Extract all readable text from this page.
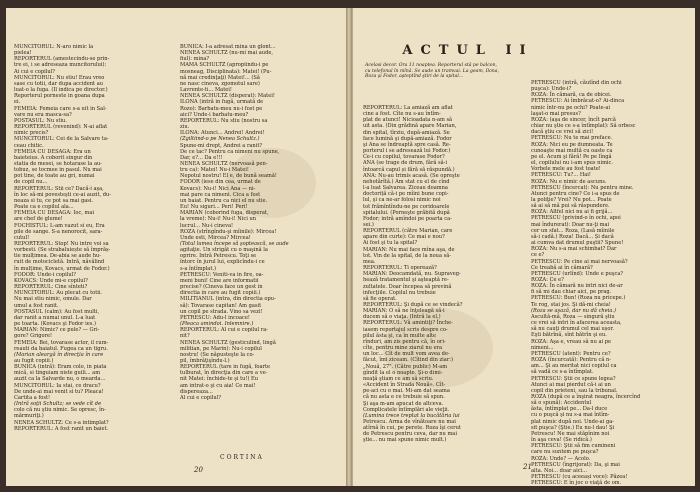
MUNCITORUL: N-aro nimic la

pielea!

REPORTERUL (amestecindu-se prin-

tre ei, i se adreseaza muncitorului):

Ai cui e copilul?

MUNCITORUL: Nu stiu! Erau vreo

sase cu totii, dar dupa accident au

luat-o la fuga. (Il indica pe director.)

Reporterul porneste in goana dupa

ei.

FEMEIA: Femeia care s-a uit in Sal-

vare nu era masca-sa?

POSTASUL: Nu stiu.

REPORTERUL (revenind): N-ai aflat

nimic precis?

MUNCITORUL: Cei de la Salvare ta-

ceau chitic.

FEMEIA CU DESAGA: Era un

baieteius. A coborit singur din

statia de mesei, se hotarase la au-

tobuz, se tocmee in pasul. Nu mai

pot tine, de toate au gri, numai

de copil nu...

REPORTERUL: Stii ce? Dacă-i aşa,

în loc să-mi povesteşti ce-ai auzit, du-

neaza si tu, ce pot sa mai gasi.

Poate ca e copilul ala...

FEMEIA CU DESAGA: Ioc, mai

are chef de glume!

FOCHISTUL: L-am vazut si eu, Era

pile de sange. S-a nenorocit, sara-

cutul!

REPORTERUL: Stop! Nu intre voi sa

vorbesti. (Se strabaluiește să împrăș-

tie mulțimea. De-abia se aude hu-

ruit de motocicletă. Intră, năvălind

în mulțime, Kovacs, urmat de Fodor.)

FODOR: Unde-i copilul?

KOVACS: Unde mi-e copilul?

REPORTERUL: Cine sînteti?

MUNCITORUL: Au plecat cu totii.

Nu mai stiu nimic, omule. Dar

umul a fost ranit.

POSTASUL (calm): Au fost multi,

dar ranit a numai unul. L-a luat

pe toarta. (Kovacs şi Fodor ies.)

MARIAN: Nimic? ce pule? — Gri-

gore? Grigore!

FEMEIA: Bei, tovarase actor, il cum-

reauti da baiatul. Fugea ca un tigru.

(Marian aleargă în direcţia în care

au fugit copiii.)

BUNICA (intră): Eram colo, in piata

mică, si tinguiam niste guili... am

auzit ca la Salvarde nu, o mearda...

MUNCITORUL: Ia stai, ce dracu?

De unde-ai mai venit si tu? Pleaca!

Cartita a fost!

(Intră soţii Schultz; se vede cît de

colo că nu ştiu nimic. Se opresc, în-

mărmuriţi.)

NENEA SCHULTZ: Ce s-a intimplat?

REPORTERUL: A fost ranit un baiet.

BUNICA: I-a adresat mina un glont...

NENEA SCHULTZ (nu-mi mai aude,

fiul): mina?

MAMA SCHULTZ (apropiindu-i pe

mosneag, Disciplinata): Matei! (Pu-

nă mai credinţaţi) Matei!... (Să

ne nasc cineva, zgomotul sare)

Lavrente-ti... Matei!

NENEA SCHULTZ (disperat): Matei!

ILONA (intră in fugă, urmată de

Rozo): Barbatu-meu nu-i fost pe

aici? Unde-i barbatu-meu?

REPORTERUL: Nu stiu (nostru sa

ziu.

ILONA: Atunci... Andrei! Andrei!

(Zgiltiind-o pe Nenea Schultz.)

Spune-mi drept, Andrei a ranit?

De ce tac? Pentru ca nimeni nu spune,

Dar, e?... Da e!!!

NENEA SCHULTZ (nervoasă pen-

tru ca): Matei! Nu-i Matei!

Nepotul nostru! El e, de bună seamă!

FODOR (iese din cea, urmat de

Kovacs): Nu-i! Nici Ana — ni-

mai pare ca nimeni. Cica a fost

un baiat. Pentru ca nici el nu stie.

Eu! Nu siguri... Peri! Peri!

MARIAN (coborind fuga, disperat,

la vreme): Nu-i! Nu-i! Nici un

lucrul... Nu-i cineva!

ROZA (strîngîndu-şi mîinile): Mircea!

Unde esti, Mircea? Mircea!

(Totul lumea începe să şoptească, se aude

agitaţie. Un strigăt cu o maşină la

oprire. Intră Petrescu. Toţi se

întorc în jurul lui, explicîndu-i ce

s-a întîmplat.)

PETRESCU: Veniti-va in fire, oa-

meni buni! Cine are informatii

precise? (Cineva face un gest in

directia in care au fugit copiii.)

MILITIANUL (intra, din directia opu-

să): Tovarase capitan! Am gasit

un copil pe strada. Vino sa vezi!

PETRESCU: Adu-l incoace!

(Pleaca amindoi. Inlemnire.)

REPORTERUL: Al cui e copilul ra-

nit?

NENEA SCHULTZ (gesticulind, lingă

militian, pe Marin): Nu-i copilul

nostru! (Se năpusteşte la co-

pil, îmbrăţişîndu-l.)

REPORTERUL (tare in fugă, foarte

tulburat, în direcţia din care a ve-

nit Matei: închide-te şi tu!) Eu

am intrat-o şi cu aia! Ce mai!

dispereaza...

Al cui e copilul?

CORTINA
20
ACTUL II

Acelasi decor. Ora 11 noaptea. Reporterul stă pe balcon,

cu telefonul în mînă. Se aude un tramvai. La geam, Ilona,

Roza şi Fodor, aşteptînd ştiri de la spital...

REPORTERUL: La amiază am aflat

cine a fost. Cîte nu s-au întîm-

plat de atunci! Nicioadata n-am să

uit asta. (Din grădină apare Marian,

din spital, tîrziu, după-amiază. Se

face lumină şi după-amiază. Fodor

şi Ana se îndreaptă spre casă. Re-

porterul i se adresează lui Fodor.)

Ce-i cu copilul, tovarase Fodor?

ANA (se trage de drum, fără să-i

întoarcă capul și fără să răspundă.)

ANA: Nu-au trimis acasă. (Se opreşte

nehotărîtă.) Am stat cu el de cînd

l-a luat Salvarea. Ziceau doamna

doctoriță că-i pe mîini bune copi-

lul, şi ca ne-ar folosi nimic noi

tot frămîntîndu-ne pe coridoarele

spitalului. (Porneşte grăbită după

Fodor; intră amîndoi pe poarta ca-

sei.)

REPORTERUL (către Marian, care

apare din curte): Ce mai e nou?

Ai fost şi tu la spital?

MARIAN: Nu mai face mîna aşa, de

tot. Vin de la spital, de la noua să-

mea.

REPORTERUL: Ti operează?

MARIAN: Deocamdată, nu. Supraveg-

hează tratamentul şi aşteaptă re-

zultatele. Doar începea să prevină

infecţiile. Copilul nu trebuie

să fie operat.

REPORTERUL: Şi după ce se vindecă?

MARIAN: O să ne înţeleagă să-i

ducem să o viaţa. (Intră la el.)

REPORTERUL: Vă amintiţi? Înche-

iasem reportajul scris despre co-

pilul ăsta şi, ca în multe alte

rînduri, am zis pentru că, în ori-

cîte, pentru mine ziarul nu era

un loc... Cît de mult vom avea de-

făcut, îmi ziceam. (Cîtind din ziar:)

„Nouă, 27". (Către public) M-am

gîndit la el o noapte. Şi-o dimi-

neaţă ştiam ce am să scriu.

«Accident în Strada Nouă». Cît-

pe-aci cu o mai. Mi-am dat seama

că nu asta e ce trebuie să spun.

Şi aşa m-am apucat de altceva.

Complicatele întîmplări ale vieţii.

(Lumina trece treptat la bucătăria lui

Petrescu. Arma de vînătoare nu mai

atîrnă în cui, pe perete. Roza îşi cerut

de Petrescu pentru ceva, dar nu mai

ştie... nu mai spune nimic mult.)

PETRESCU (intră, căutînd din ochi

puşca): Unde-i?

ROZA: În cămară, ca de obicei.

PETRESCU: Ai îmbrăcat-o? Ai-dinca

nimic într-nu pe ochi? Poate-ai

laşat-o mai presus?

ROZA: (aşa de sincer, încît parcă

chiar nu ştie ce s-a întîmplat): Să orbesc

dacă ştiu ce vrei să zici!

PETRESCU: Nu te mai preface.

ROZA: Nici eu pe dumneata. Te

cunoaşte mai multă cu oaste ca

pe el. Acum şi fără! Pe pe lîngă

el, copilului nu i-am spus nimic.

Vorbele mele au fost toate!

PETRESCU: Tu?... Hai!

ROZA: Nu e nimic de ascuns.

PETRESCU (încercat): Nu pentru mine.

Atunci pentru cine? Ce i-a spus de

la poliţie? Vrei? Nu pot... Poate

să ai să mă pui să răspundere.

ROZA: Altfel nici nu ai fi grijă...

PETRESCU (privind-o în ochi, apoi

mai îndurerat): Doar nu-ţi mai

cer un sfat... Roza, (Lasă mîinile

să-i cadă.) Roza! Dacă... Și dacă

ai cumva dat drumul puştii? Spune!

ROZA: Nu s-a mai schimbat? Dar

ce e?

PETRESCU: Pe cine ai mai nervoasă?

Ce treabă ai în cămară?

PETRESCU (urlînd): Unde e puşca?

ROZA: Ce e?

ROZA: În cămară nu intri nici de-ar

fi să mi dau chiar aici, pe prag.

PETRESCU: Bun! (Roza nu pricepe.)

Te rog, stai jos. Şi dă-mi cheia!

(Roza se aşază, dar nu dă cheia.)

Ascultă-mă, Roza — singură ştiu

ce vrei să intri în afacerea aceasta,

să nu cauţi drumul cel mai ușor.

Eşti bătrînă, sînt bătrîn şi eu.

ROZA: Aşa e, vreau să nu ai pe

nimeni...

PETRESCU (atent): Pentru ce?

ROZA (încurcată): Pentru că n-

am... Şi au meritat nici copilul ca

să vadă ce s-a întîmplat.

PETRESCU: Ştii ce spune legea?

Atunci ai mai pierdut că-i ai un

copil din prieteni, sau la tribunal.

ROZA (după ce a înşirat neagra, încercînd

să o spună): Accidentul

ăsta, întîmplat pe... Da-l duce

cu o puşcă şi nu s-a mai întîm-

plat nimic după noi. Unde-ai ga-

sit puşca? (Ştie.) Eu nu-l dau! Şi

Petrescu! Ne mai stăpînim noi

în aşa ceva! (Se ridică.)

PETRESCU: Ştii să fim cumineni

care nu suntem pe puşca?

ROZA: Unde? — Acolo.

PETRESCU (îngrijorat): Da, şi mai

alta. Noi... doar aici...

PETRESCU (cu aceeași voce): Păzea!

PETRESCU: E în joc o viaţă de om.

21
